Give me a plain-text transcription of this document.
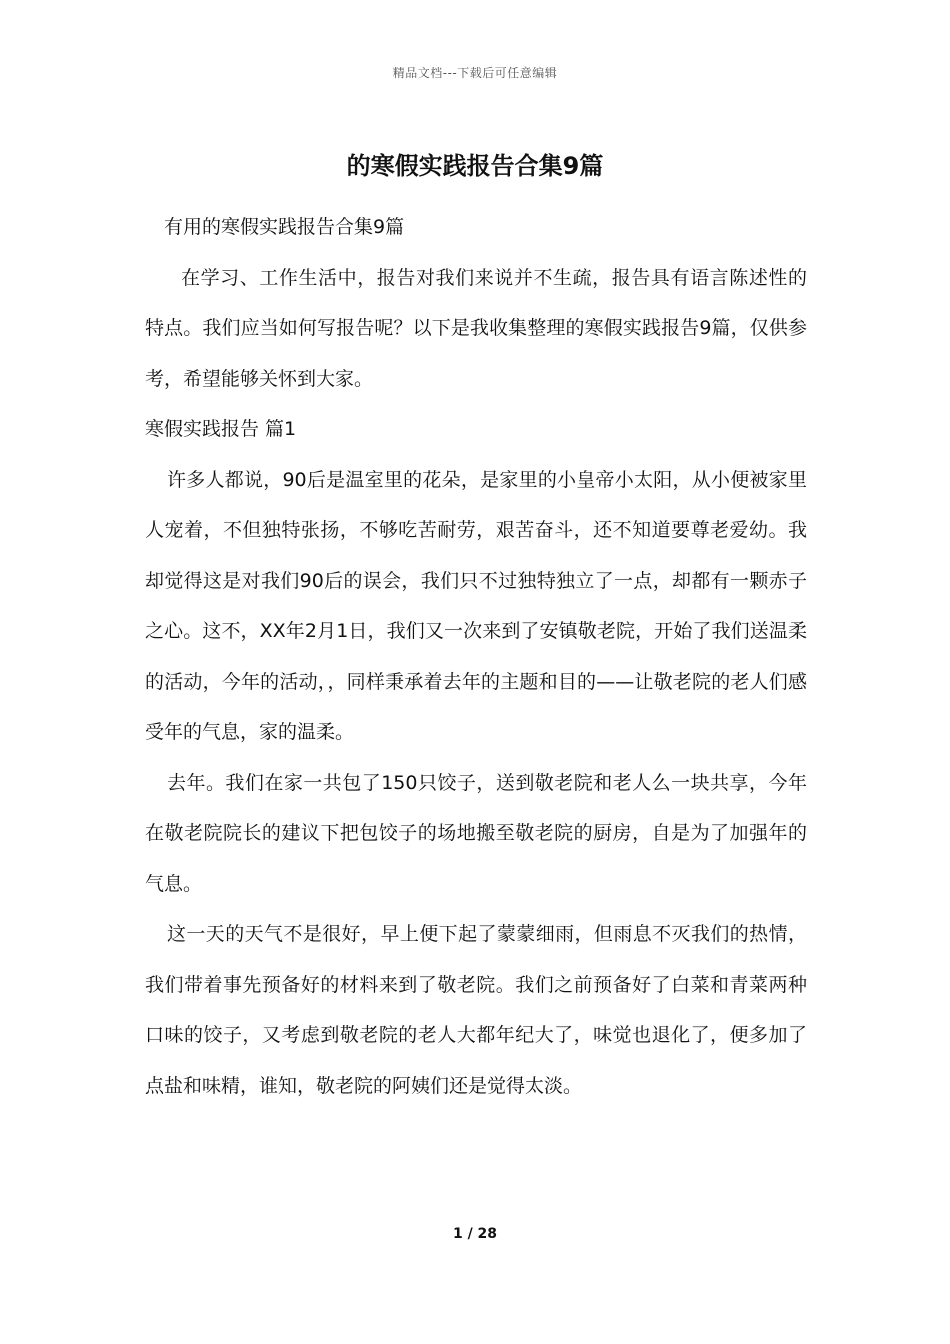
精品文档---下载后可任意编辑
的寒假实践报告合集9篇

有用的寒假实践报告合集9篇

在学习、工作生活中，报告对我们来说并不生疏，报告具有语言陈述性的特点。我们应当如何写报告呢？以下是我收集整理的寒假实践报告9篇，仅供参考，希望能够关怀到大家。

寒假实践报告 篇1

许多人都说，90后是温室里的花朵，是家里的小皇帝小太阳，从小便被家里人宠着，不但独特张扬，不够吃苦耐劳，艰苦奋斗，还不知道要尊老爱幼。我却觉得这是对我们90后的误会，我们只不过独特独立了一点，却都有一颗赤子之心。这不，XX年2月1日，我们又一次来到了安镇敬老院，开始了我们送温柔的活动，今年的活动，，同样秉承着去年的主题和目的——让敬老院的老人们感受年的气息，家的温柔。

去年。我们在家一共包了150只饺子，送到敬老院和老人么一块共享，今年在敬老院院长的建议下把包饺子的场地搬至敬老院的厨房，自是为了加强年的气息。

这一天的天气不是很好，早上便下起了蒙蒙细雨，但雨息不灭我们的热情，我们带着事先预备好的材料来到了敬老院。我们之前预备好了白菜和青菜两种口味的饺子，又考虑到敬老院的老人大都年纪大了，味觉也退化了，便多加了点盐和味精，谁知，敬老院的阿姨们还是觉得太淡。

1 / 28
